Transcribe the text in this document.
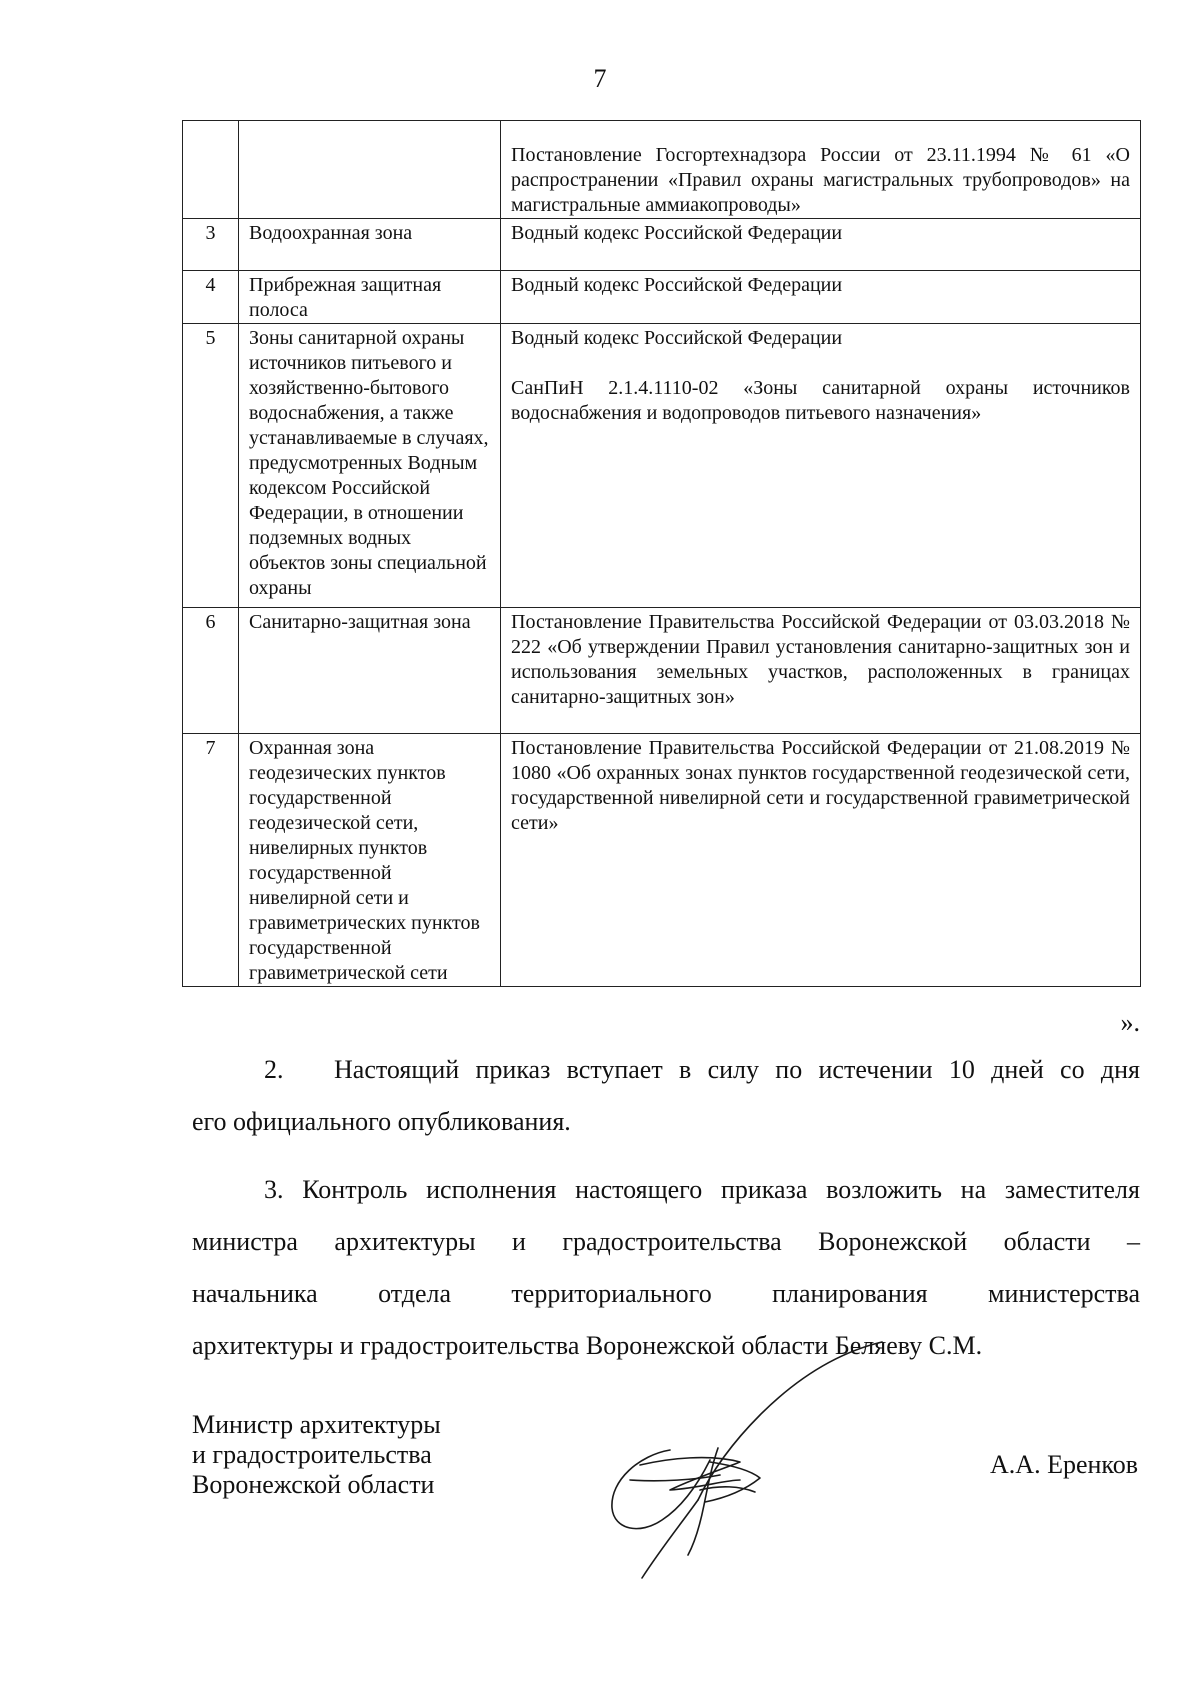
7

		Постановление Госгортехнадзора России от 23.11.1994 № 61 «О распространении «Правил охраны магистральных трубопроводов» на магистральные аммиакопроводы»

3	Водоохранная зона	Водный кодекс Российской Федерации

4	Прибрежная защитная полоса	Водный кодекс Российской Федерации

5	Зоны санитарной охраны источников питьевого и хозяйственно-бытового водоснабжения, а также устанавливаемые в случаях, предусмотренных Водным кодексом Российской Федерации, в отношении подземных водных объектов зоны специальной охраны	Водный кодекс Российской Федерации

СанПиН 2.1.4.1110-02 «Зоны санитарной охраны источников водоснабжения и водопроводов питьевого назначения»

6	Санитарно-защитная зона	Постановление Правительства Российской Федерации от 03.03.2018 № 222 «Об утверждении Правил установления санитарно-защитных зон и использования земельных участков, расположенных в границах санитарно-защитных зон»

7	Охранная зона геодезических пунктов государственной геодезической сети, нивелирных пунктов государственной нивелирной сети и гравиметрических пунктов государственной гравиметрической сети	Постановление Правительства Российской Федерации от 21.08.2019 № 1080 «Об охранных зонах пунктов государственной геодезической сети, государственной нивелирной сети и государственной гравиметрической сети»

».

2. Настоящий приказ вступает в силу по истечении 10 дней со дня

его официального опубликования.

3. Контроль исполнения настоящего приказа возложить на заместителя

министра архитектуры и градостроительства Воронежской области –

начальника отдела территориального планирования министерства

архитектуры и градостроительства Воронежской области Беляеву С.М.

Министр архитектуры
и градостроительства
Воронежской области
А.А. Еренков
